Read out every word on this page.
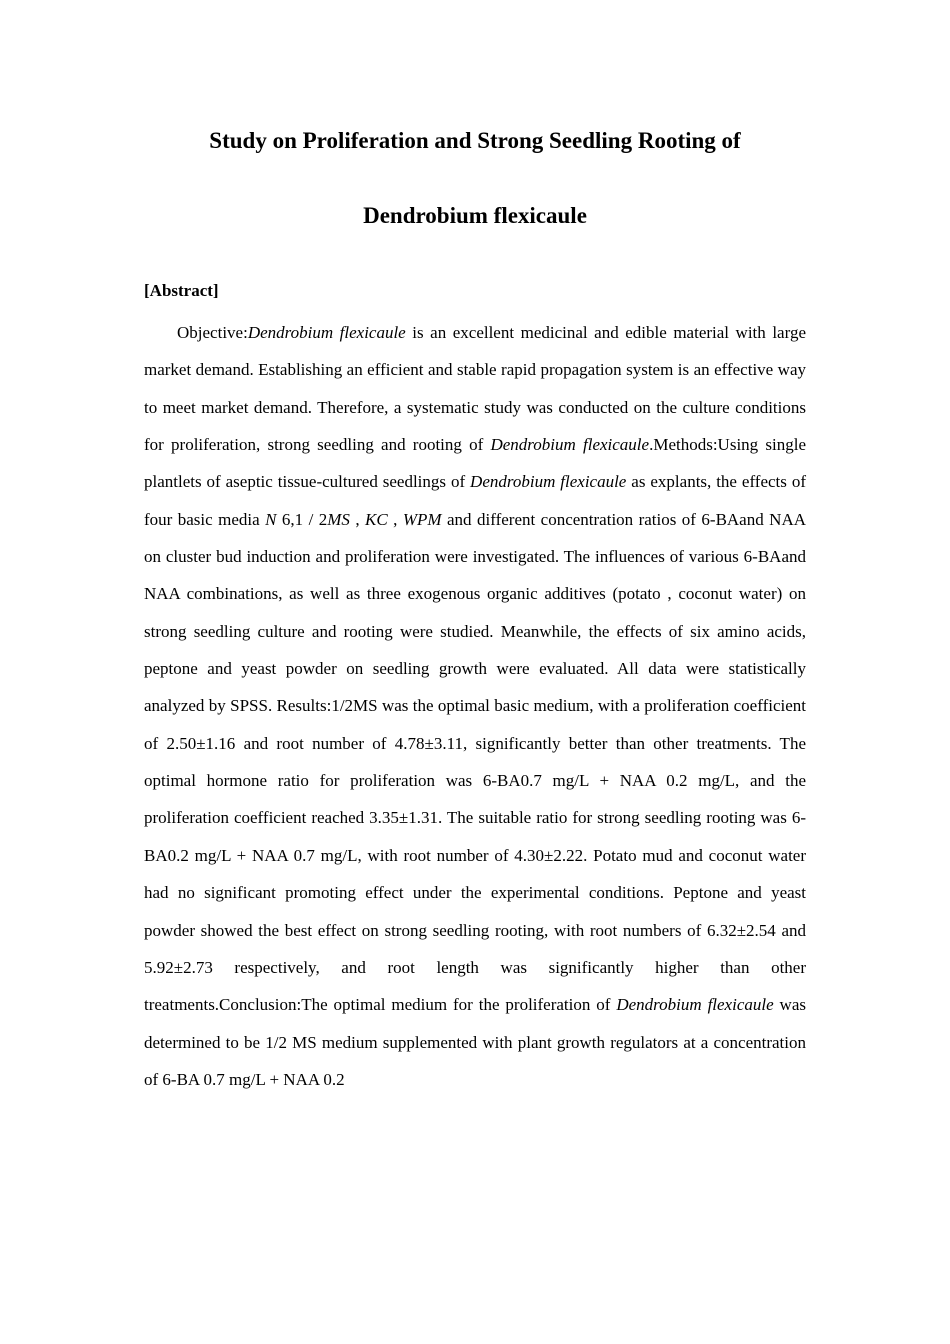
Study on Proliferation and Strong Seedling Rooting of
Dendrobium flexicaule

[Abstract]

Objective:Dendrobium flexicaule is an excellent medicinal and edible material with large market demand. Establishing an efficient and stable rapid propagation system is an effective way to meet market demand. Therefore, a systematic study was conducted on the culture conditions for proliferation, strong seedling and rooting of Dendrobium flexicaule.Methods:Using single plantlets of aseptic tissue-cultured seedlings of Dendrobium flexicaule as explants, the effects of four basic media N 6,1 / 2MS , KC , WPM and different concentration ratios of 6-BAand NAA on cluster bud induction and proliferation were investigated. The influences of various 6-BAand NAA combinations, as well as three exogenous organic additives (potato , coconut water) on strong seedling culture and rooting were studied. Meanwhile, the effects of six amino acids, peptone and yeast powder on seedling growth were evaluated. All data were statistically analyzed by SPSS. Results:1/2MS was the optimal basic medium, with a proliferation coefficient of 2.50±1.16 and root number of 4.78±3.11, significantly better than other treatments. The optimal hormone ratio for proliferation was 6-BA0.7 mg/L + NAA 0.2 mg/L, and the proliferation coefficient reached 3.35±1.31. The suitable ratio for strong seedling rooting was 6-BA0.2 mg/L + NAA 0.7 mg/L, with root number of 4.30±2.22. Potato mud and coconut water had no significant promoting effect under the experimental conditions. Peptone and yeast powder showed the best effect on strong seedling rooting, with root numbers of 6.32±2.54 and 5.92±2.73 respectively, and root length was significantly higher than other treatments.Conclusion:The optimal medium for the proliferation of Dendrobium flexicaule was determined to be 1/2 MS medium supplemented with plant growth regulators at a concentration of 6-BA 0.7 mg/L + NAA 0.2
